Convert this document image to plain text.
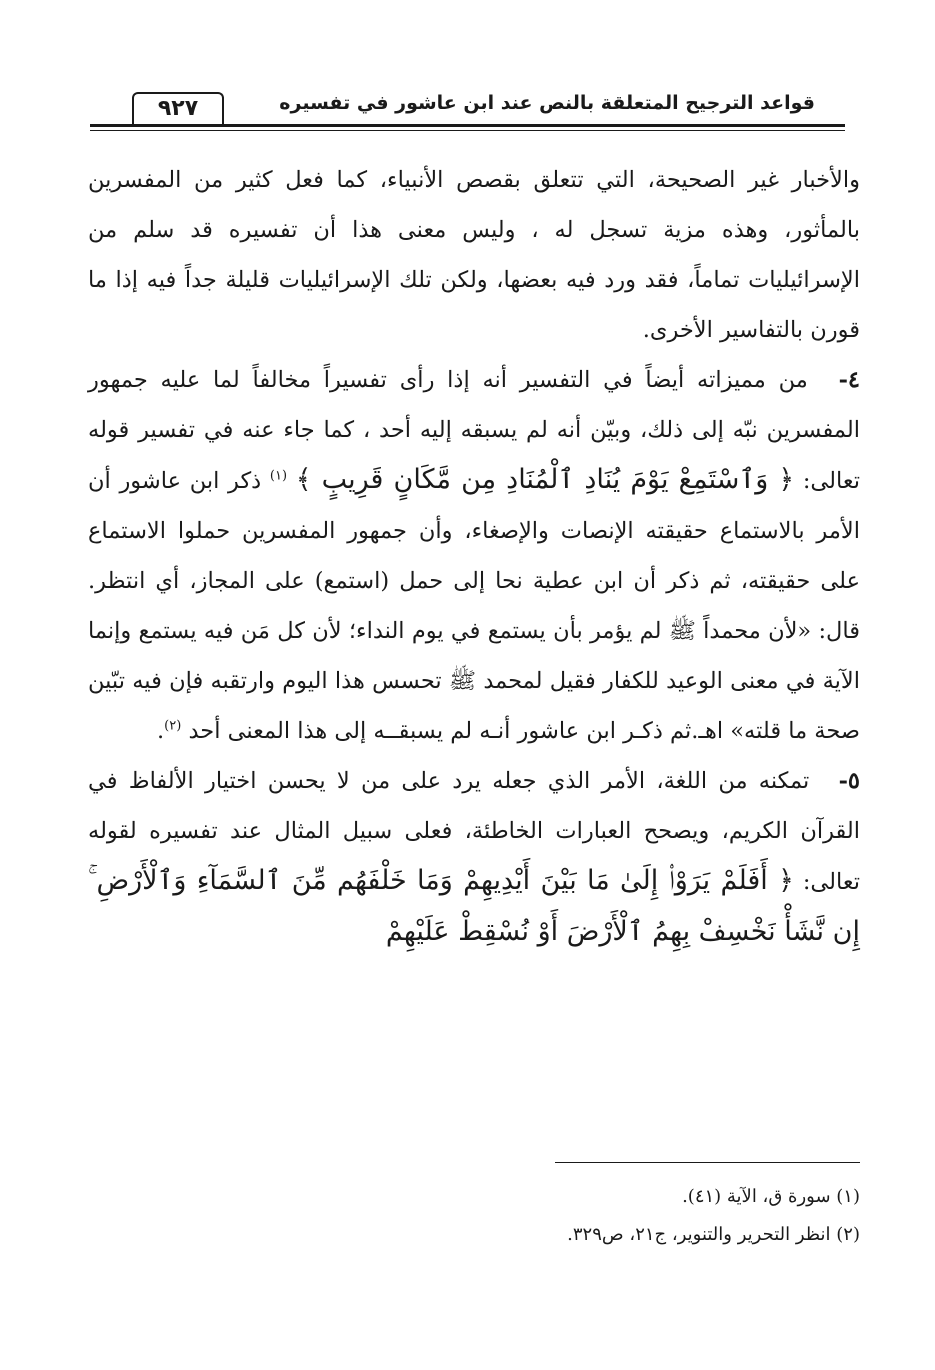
قواعد الترجيح المتعلقة بالنص عند ابن عاشور في تفسيره
٩٢٧

والأخبار غير الصحيحة، التي تتعلق بقصص الأنبياء، كما فعل كثير من المفسرين بالمأثور، وهذه مزية تسجل له ، وليس معنى هذا أن تفسيره قد سلم من الإسرائيليات تماماً، فقد ورد فيه بعضها، ولكن تلك الإسرائيليات قليلة جداً فيه إذا ما قورن بالتفاسير الأخرى.

٤- من مميزاته أيضاً في التفسير أنه إذا رأى تفسيراً مخالفاً لما عليه جمهور المفسرين نبّه إلى ذلك، وبيّن أنه لم يسبقه إليه أحد ، كما جاء عنه في تفسير قوله تعالى: ﴿ وَٱسْتَمِعْ يَوْمَ يُنَادِ ٱلْمُنَادِ مِن مَّكَانٍ قَرِيبٍ ﴾ $^{(١)}$ ذكر ابن عاشور أن الأمر بالاستماع حقيقته الإنصات والإصغاء، وأن جمهور المفسرين حملوا الاستماع على حقيقته، ثم ذكر أن ابن عطية نحا إلى حمل (استمع) على المجاز، أي انتظر. قال: «لأن محمداً ﷺ لم يؤمر بأن يستمع في يوم النداء؛ لأن كل مَن فيه يستمع وإنما الآية في معنى الوعيد للكفار فقيل لمحمد ﷺ تحسس هذا اليوم وارتقبه فإن فيه تبّين صحة ما قلته» اهـ.ثم ذكـر ابن عاشور أنـه لم يسبقــه إلى هذا المعنى أحد $^{(٢)}$.

٥- تمكنه من اللغة، الأمر الذي جعله يرد على من لا يحسن اختيار الألفاظ في القرآن الكريم، ويصحح العبارات الخاطئة، فعلى سبيل المثال عند تفسيره لقوله تعالى: ﴿ أَفَلَمْ يَرَوْا۟ إِلَىٰ مَا بَيْنَ أَيْدِيهِمْ وَمَا خَلْفَهُم مِّنَ ٱلسَّمَآءِ وَٱلْأَرْضِ ۚ إِن نَّشَأْ نَخْسِفْ بِهِمُ ٱلْأَرْضَ أَوْ نُسْقِطْ عَلَيْهِمْ

(١) سورة ق، الآية (٤١).

(٢) انظر التحرير والتنوير، ج٢١، ص٣٢٩.
